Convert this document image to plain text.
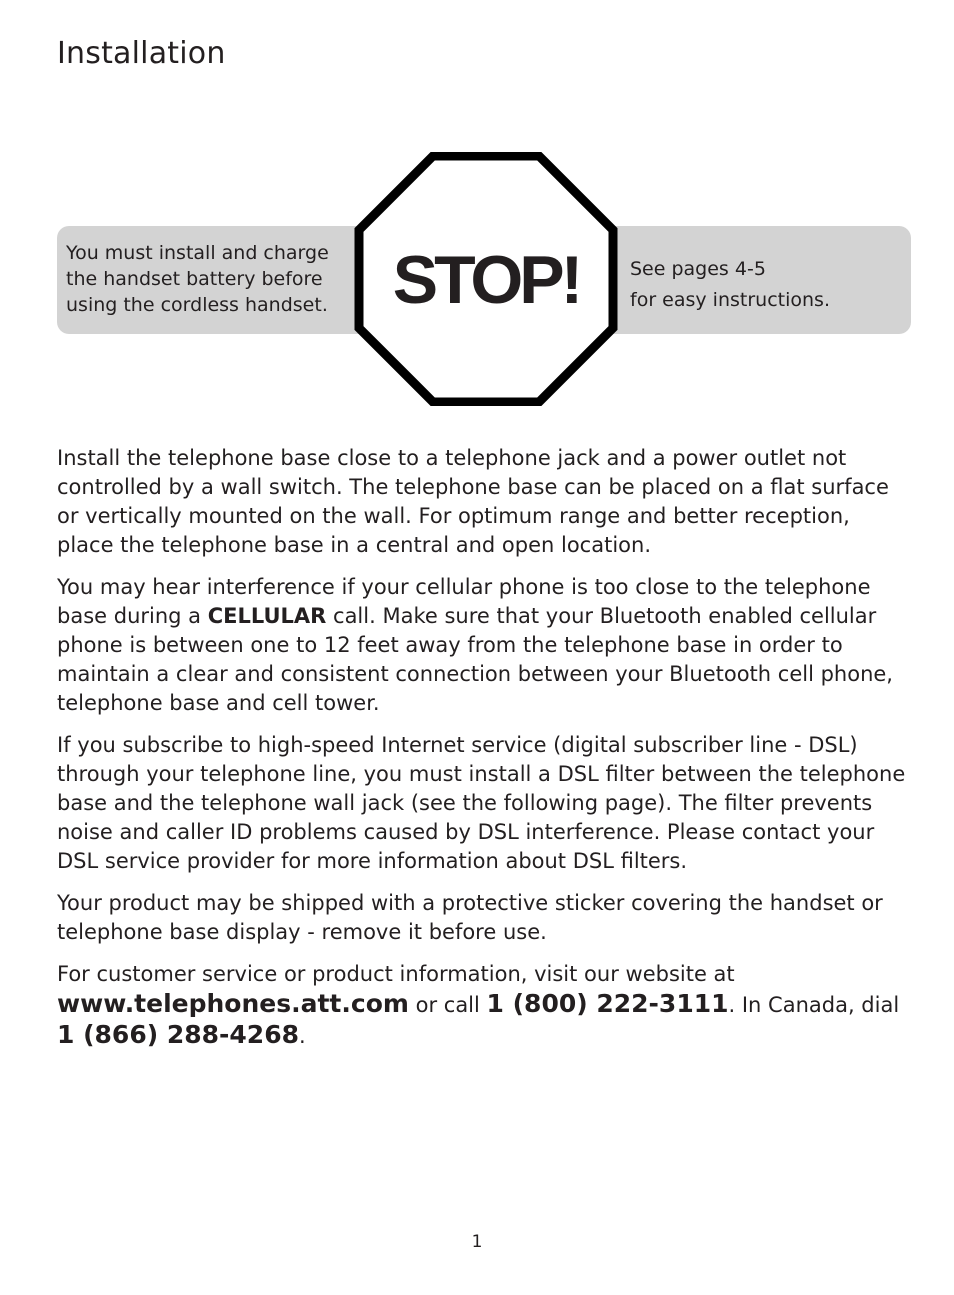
Installation

You must install and charge the handset battery before using the cordless handset.

See pages 4-5
for easy instructions.

STOP!

Install the telephone base close to a telephone jack and a power outlet not controlled by a wall switch. The telephone base can be placed on a flat surface or vertically mounted on the wall. For optimum range and better reception, place the telephone base in a central and open location.

You may hear interference if your cellular phone is too close to the telephone base during a CELLULAR call. Make sure that your Bluetooth enabled cellular phone is between one to 12 feet away from the telephone base in order to maintain a clear and consistent connection between your Bluetooth cell phone, telephone base and cell tower.

If you subscribe to high-speed Internet service (digital subscriber line - DSL) through your telephone line, you must install a DSL filter between the telephone base and the telephone wall jack (see the following page). The filter prevents noise and caller ID problems caused by DSL interference. Please contact your DSL service provider for more information about DSL filters.

Your product may be shipped with a protective sticker covering the handset or telephone base display - remove it before use.

For customer service or product information, visit our website at www.telephones.att.com or call 1 (800) 222-3111. In Canada, dial 1 (866) 288-4268.

1
